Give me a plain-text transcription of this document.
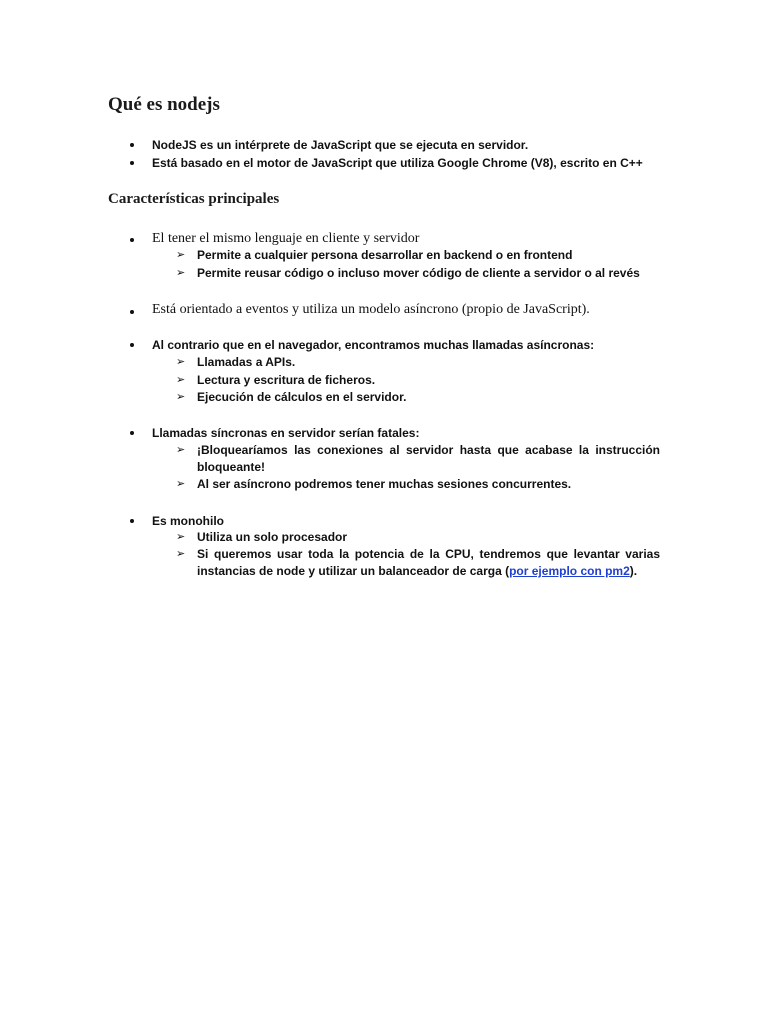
Qué es nodejs
NodeJS es un intérprete de JavaScript que se ejecuta en servidor.
Está basado en el motor de JavaScript que utiliza Google Chrome (V8), escrito en C++
Características principales
El tener el mismo lenguaje en cliente y servidor
➢ Permite a cualquier persona desarrollar en backend o en frontend
➢ Permite reusar código o incluso mover código de cliente a servidor o al revés
Está orientado a eventos y utiliza un modelo asíncrono (propio de JavaScript).
Al contrario que en el navegador, encontramos muchas llamadas asíncronas:
➢ Llamadas a APIs.
➢ Lectura y escritura de ficheros.
➢ Ejecución de cálculos en el servidor.
Llamadas síncronas en servidor serían fatales:
➢ ¡Bloquearíamos las conexiones al servidor hasta que acabase la instrucción bloqueante!
➢ Al ser asíncrono podremos tener muchas sesiones concurrentes.
Es monohilo
➢ Utiliza un solo procesador
➢ Si queremos usar toda la potencia de la CPU, tendremos que levantar varias instancias de node y utilizar un balanceador de carga (por ejemplo con pm2).
